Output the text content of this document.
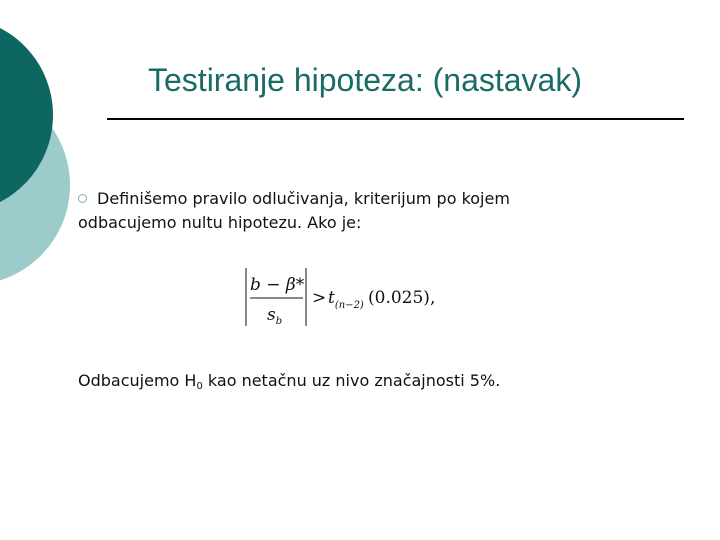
Testiranje hipoteza: (nastavak)
Definišemo pravilo odlučivanja, kriterijum po kojem
odbacujemo nultu hipotezu. Ako je:
b − β*
$s_b$
> $t_{(n-2)}$ (0.025) ,
Odbacujemo $H_0$ kao netačnu uz nivo značajnosti 5%.
